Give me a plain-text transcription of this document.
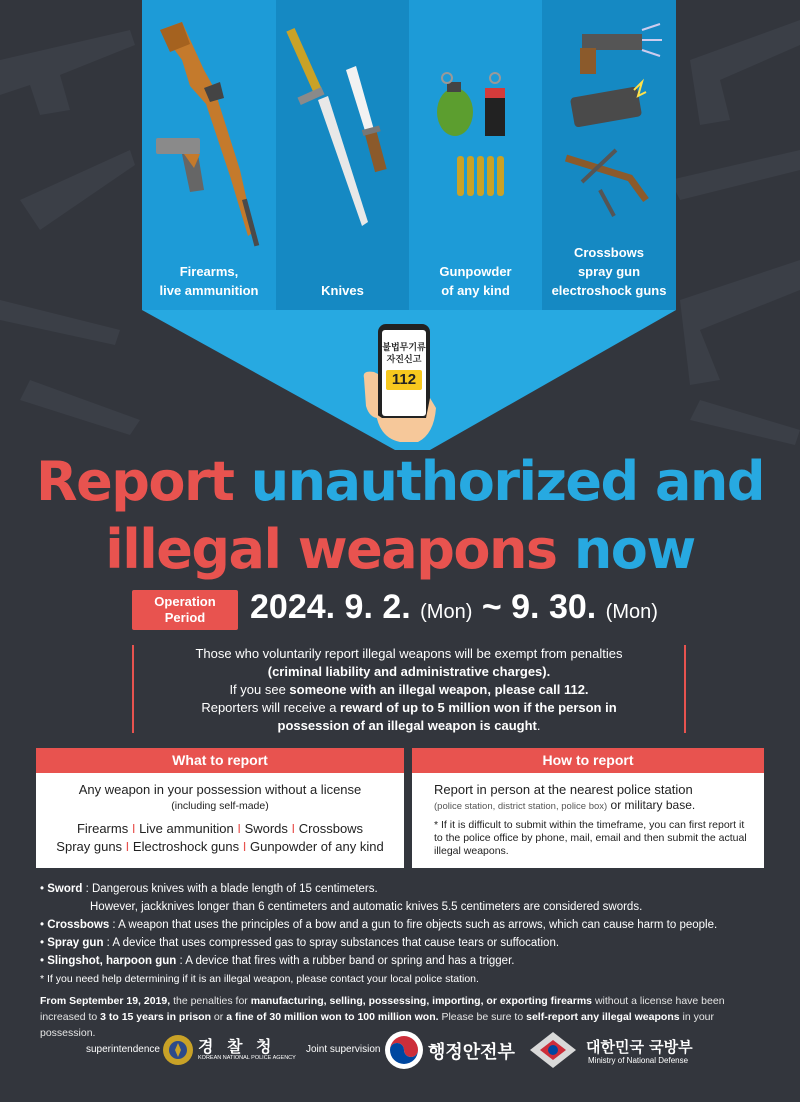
Firearms,
live ammunition	Knives
Gunpowder
of any kind
Crossbows
spray gun
electroshock guns
불법무기류
자진신고
112
Report unauthorized and
illegal weapons now
Operation
Period	2024. 9. 2. (Mon) ~ 9. 30. (Mon)
Those who voluntarily report illegal weapons will be exempt from penalties
(criminal liability and administrative charges).
If you see someone with an illegal weapon, please call 112.
Reporters will receive a reward of up to 5 million won if the person in
possession of an illegal weapon is caught.
What to report
Any weapon in your possession without a license
(including self-made)
Firearms I Live ammunition I Swords I Crossbows
Spray guns I Electroshock guns I Gunpowder of any kind
How to report
Report in person at the nearest police station
(police station, district station, police box) or military base.
* If it is difficult to submit within the timeframe, you can first report it to the police office by phone, mail, email and then submit the actual illegal weapons.
• Sword : Dangerous knives with a blade length of 15 centimeters.
However, jackknives longer than 6 centimeters and automatic knives 5.5 centimeters are considered swords.
• Crossbows : A weapon that uses the principles of a bow and a gun to fire objects such as arrows, which can cause harm to people.
• Spray gun : A device that uses compressed gas to spray substances that cause tears or suffocation.
• Slingshot, harpoon gun : A device that fires with a rubber band or spring and has a trigger.
* If you need help determining if it is an illegal weapon, please contact your local police station.
From September 19, 2019, the penalties for manufacturing, selling, possessing, importing, or exporting firearms without a license have been increased to 3 to 15 years in prison or a fine of 30 million won to 100 million won. Please be sure to self-report any illegal weapons in your possession.
superintendence 경 찰 청
KOREAN NATIONAL POLICE AGENCY
Joint supervision	행정안전부	대한민국 국방부
Ministry of National Defense
